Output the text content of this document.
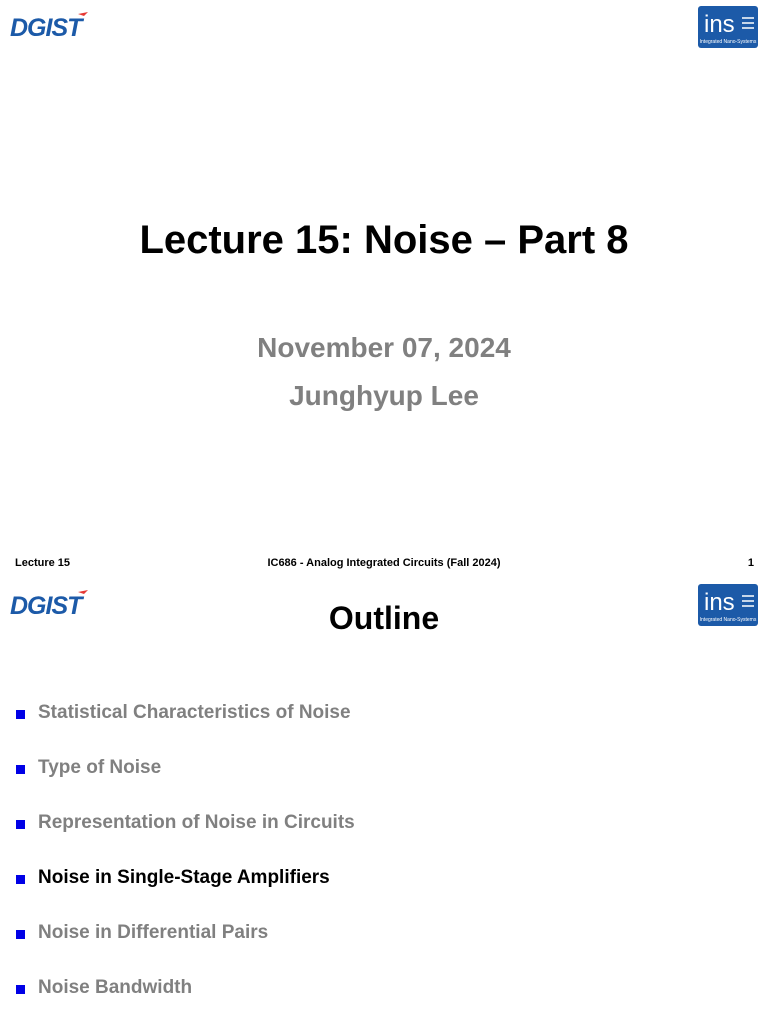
DGIST	ins
Integrated Nano-Systems
Lecture 15: Noise – Part 8
November 07, 2024
Junghyup Lee
Lecture 15	IC686 - Analog Integrated Circuits (Fall 2024)	1
DGIST	ins
Integrated Nano-Systems
Outline
Statistical Characteristics of Noise
Type of Noise
Representation of Noise in Circuits
Noise in Single-Stage Amplifiers
Noise in Differential Pairs
Noise Bandwidth
